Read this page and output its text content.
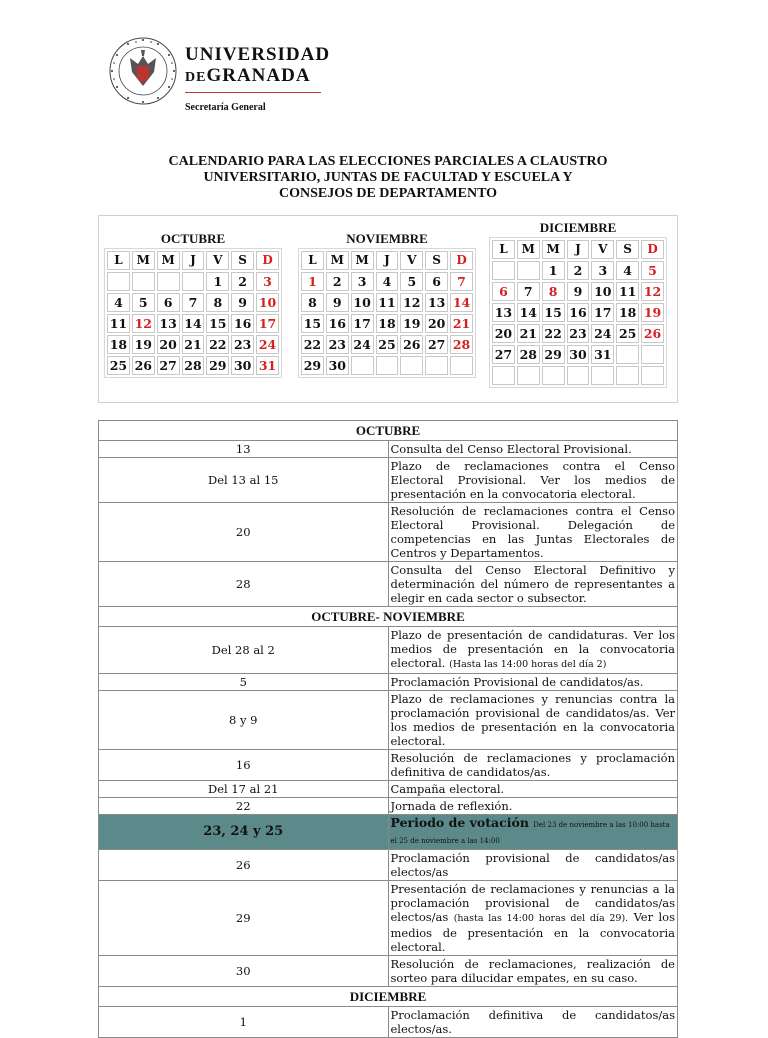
UNIVERSIDAD
DEGRANADA
Secretaría General
CALENDARIO PARA LAS ELECCIONES PARCIALES A CLAUSTRO
UNIVERSITARIO, JUNTAS DE FACULTAD Y ESCUELA Y
CONSEJOS DE DEPARTAMENTO
OCTUBRE
L	M	M	J	V	S	D
				1	2	3
4	5	6	7	8	9	10
11	12	13	14	15	16	17
18	19	20	21	22	23	24
25	26	27	28	29	30	31
NOVIEMBRE
L	M	M	J	V	S	D
1	2	3	4	5	6	7
8	9	10	11	12	13	14
15	16	17	18	19	20	21
22	23	24	25	26	27	28
29	30					
DICIEMBRE
L	M	M	J	V	S	D
		1	2	3	4	5
6	7	8	9	10	11	12
13	14	15	16	17	18	19
20	21	22	23	24	25	26
27	28	29	30	31		

OCTUBRE	
13	Consulta del Censo Electoral Provisional.
Del 13 al 15	Plazo de reclamaciones contra el Censo Electoral Provisional. Ver los medios de presentación en la convocatoria electoral.
20	Resolución de reclamaciones contra el Censo Electoral Provisional. Delegación de competencias en las Juntas Electorales de Centros y Departamentos.
28	Consulta del Censo Electoral Definitivo y determinación del número de representantes a elegir en cada sector o subsector.
OCTUBRE- NOVIEMBRE	
Del 28 al 2	Plazo de presentación de candidaturas. Ver los medios de presentación en la convocatoria electoral. (Hasta las 14:00 horas del día 2)
5	Proclamación Provisional de candidatos/as.
8 y 9	Plazo de reclamaciones y renuncias contra la proclamación provisional de candidatos/as. Ver los medios de presentación en la convocatoria electoral.
16	Resolución de reclamaciones y proclamación definitiva de candidatos/as.
Del 17 al 21	Campaña electoral.
22	Jornada de reflexión.
23, 24 y 25	Periodo de votación Del 23 de noviembre a las 10:00 hasta el 25 de noviembre a las 14:00
26	Proclamación provisional de candidatos/as electos/as
29	Presentación de reclamaciones y renuncias a la proclamación provisional de candidatos/as electos/as (hasta las 14:00 horas del día 29). Ver los medios de presentación en la convocatoria electoral.
30	Resolución de reclamaciones, realización de sorteo para dilucidar empates, en su caso.
DICIEMBRE	
1	Proclamación definitiva de candidatos/as electos/as.
